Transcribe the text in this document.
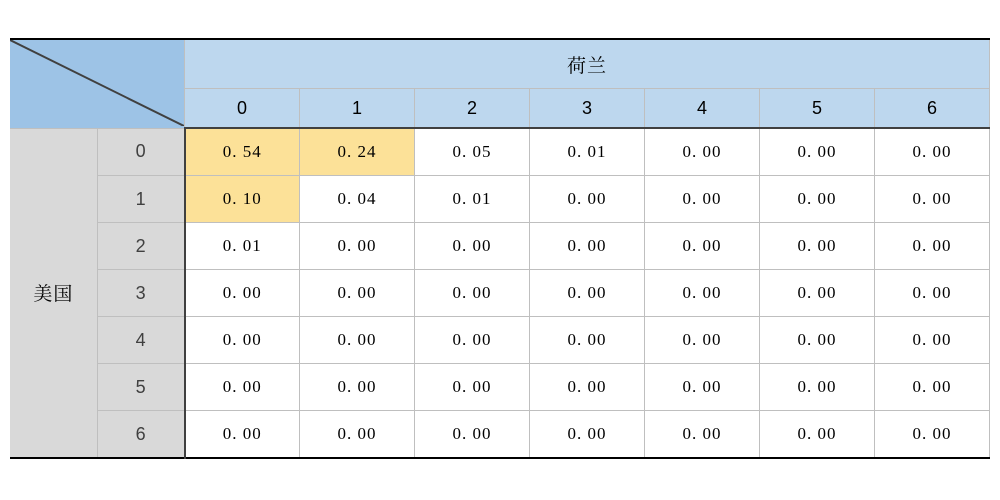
	荷兰						
		0	1	2	3	4	5	6
美国	0	0. 54	0. 24	0. 05	0. 01	0. 00	0. 00	0. 00
	1	0. 10	0. 04	0. 01	0. 00	0. 00	0. 00	0. 00
	2	0. 01	0. 00	0. 00	0. 00	0. 00	0. 00	0. 00
	3	0. 00	0. 00	0. 00	0. 00	0. 00	0. 00	0. 00
	4	0. 00	0. 00	0. 00	0. 00	0. 00	0. 00	0. 00
	5	0. 00	0. 00	0. 00	0. 00	0. 00	0. 00	0. 00
	6	0. 00	0. 00	0. 00	0. 00	0. 00	0. 00	0. 00
